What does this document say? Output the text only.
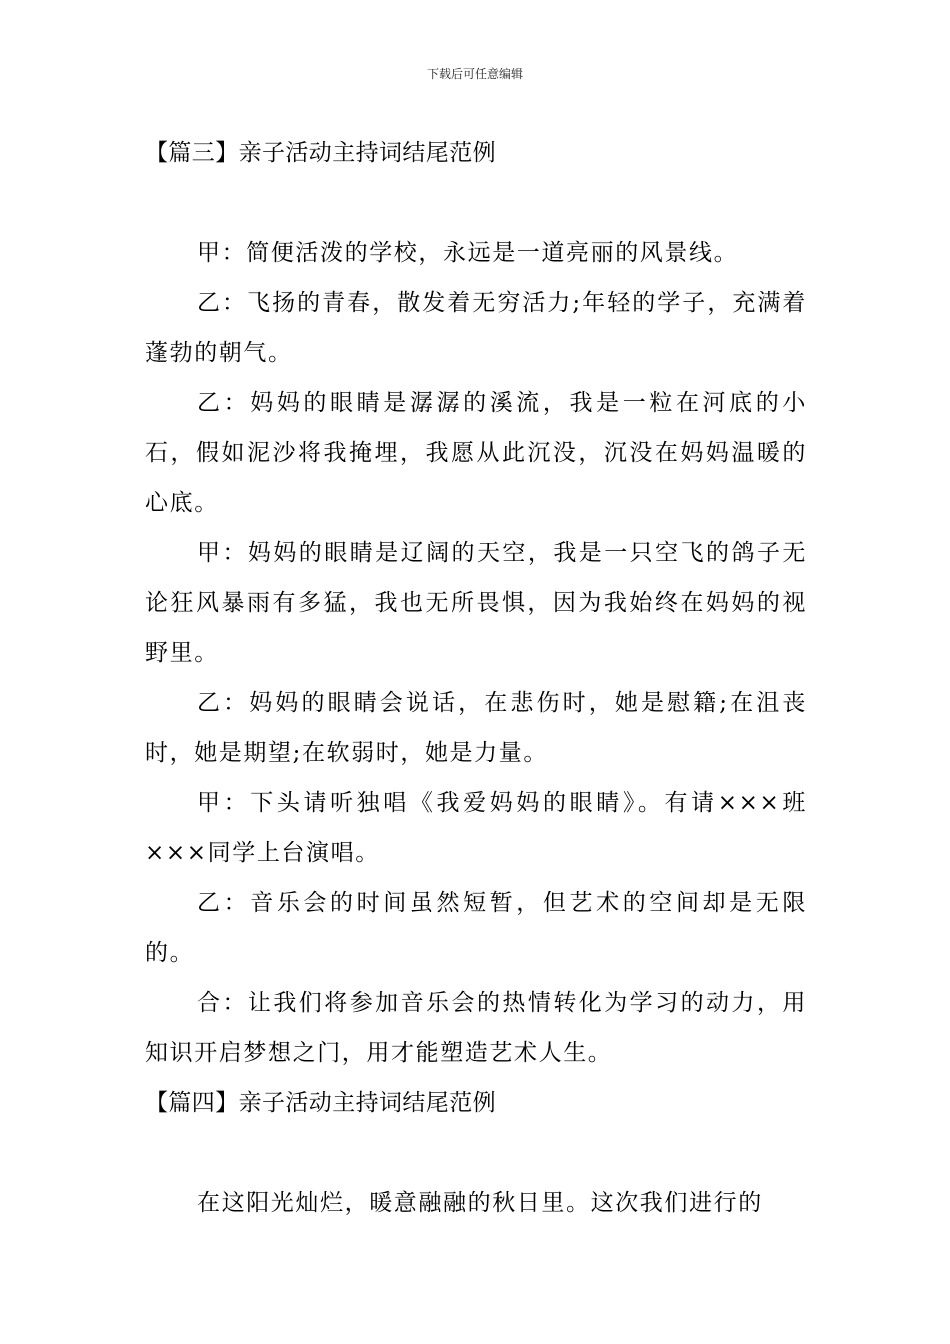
下载后可任意编辑
【篇三】亲子活动主持词结尾范例

甲：简便活泼的学校，永远是一道亮丽的风景线。

乙：飞扬的青春，散发着无穷活力;年轻的学子，充满着蓬勃的朝气。

乙：妈妈的眼睛是潺潺的溪流，我是一粒在河底的小石，假如泥沙将我掩埋，我愿从此沉没，沉没在妈妈温暖的心底。

甲：妈妈的眼睛是辽阔的天空，我是一只空飞的鸽子无论狂风暴雨有多猛，我也无所畏惧，因为我始终在妈妈的视野里。

乙：妈妈的眼睛会说话，在悲伤时，她是慰籍;在沮丧时，她是期望;在软弱时，她是力量。

甲：下头请听独唱《我爱妈妈的眼睛》。有请×××班×××同学上台演唱。

乙：音乐会的时间虽然短暂，但艺术的空间却是无限的。

合：让我们将参加音乐会的热情转化为学习的动力，用知识开启梦想之门，用才能塑造艺术人生。

【篇四】亲子活动主持词结尾范例

在这阳光灿烂，暖意融融的秋日里。这次我们进行的
